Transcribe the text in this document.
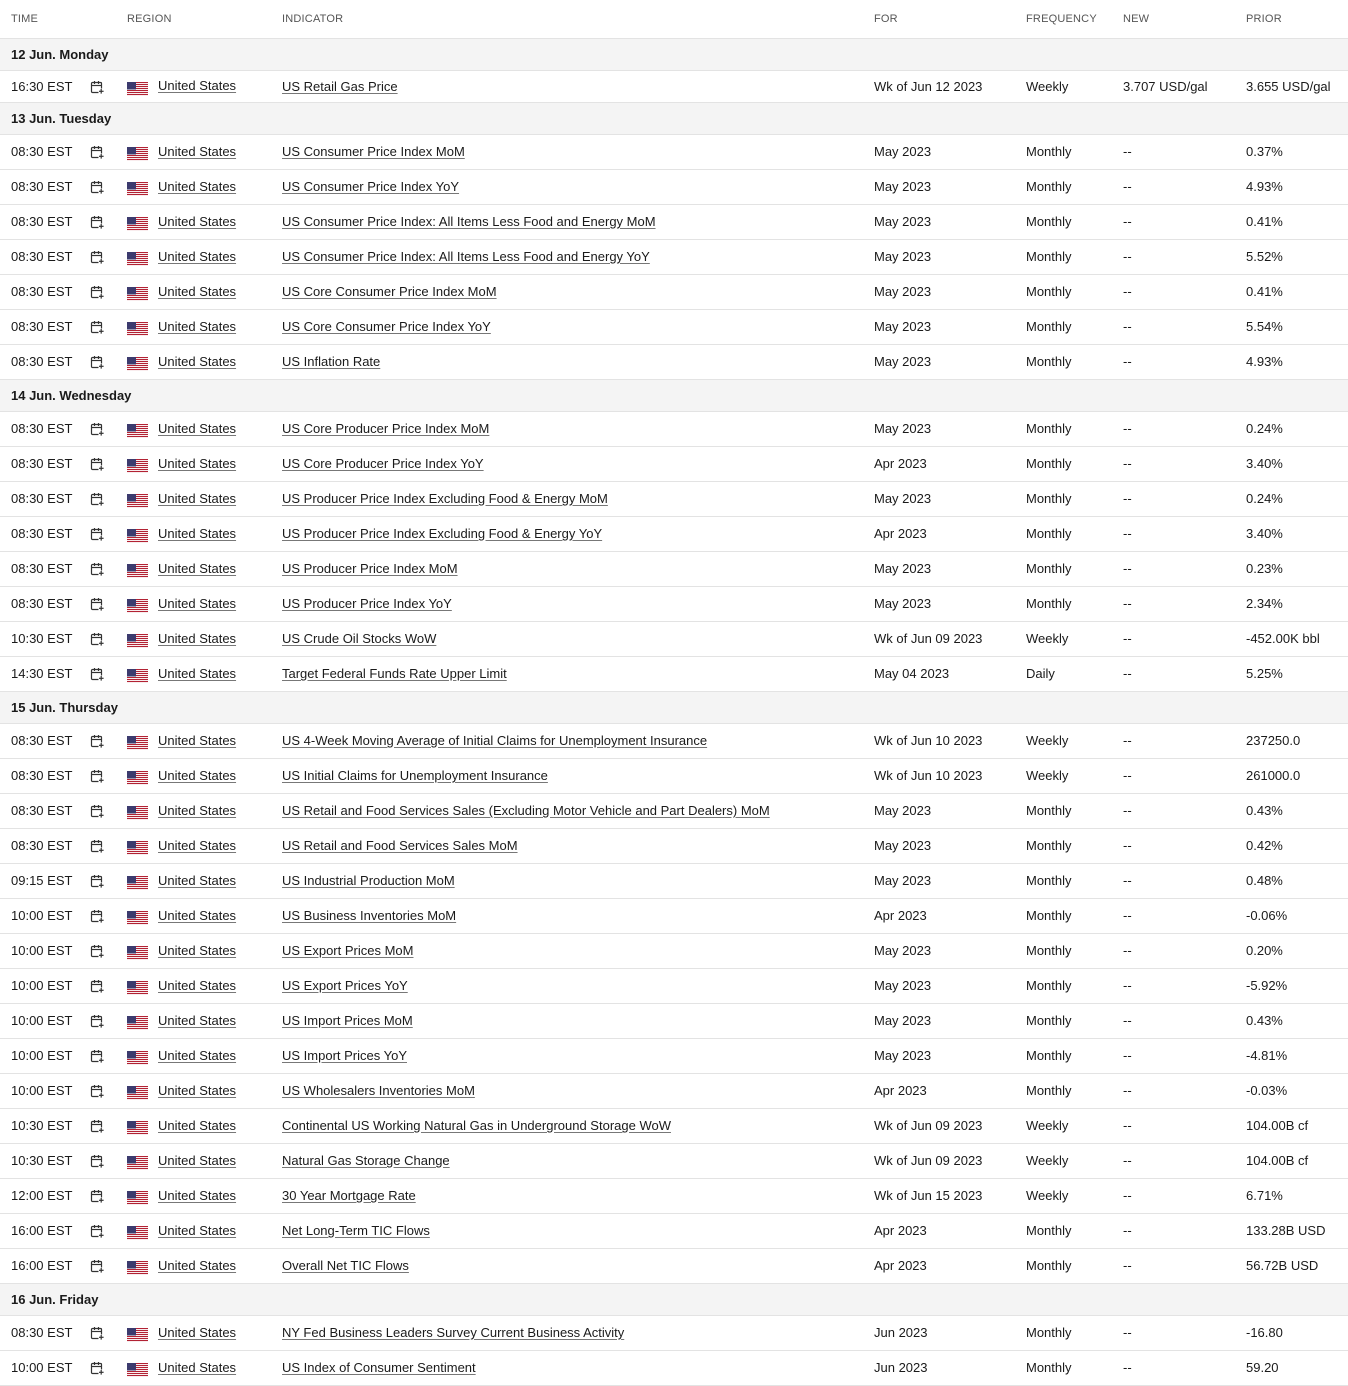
TIME		REGION	INDICATOR	FOR	FREQUENCY	NEW	PRIOR
12 Jun. Monday							
16:30 EST		United States	US Retail Gas Price	Wk of Jun 12 2023	Weekly	3.707 USD/gal	3.655 USD/gal
13 Jun. Tuesday							
08:30 EST		United States	US Consumer Price Index MoM	May 2023	Monthly	--	0.37%
08:30 EST		United States	US Consumer Price Index YoY	May 2023	Monthly	--	4.93%
08:30 EST		United States	US Consumer Price Index: All Items Less Food and Energy MoM	May 2023	Monthly	--	0.41%
08:30 EST		United States	US Consumer Price Index: All Items Less Food and Energy YoY	May 2023	Monthly	--	5.52%
08:30 EST		United States	US Core Consumer Price Index MoM	May 2023	Monthly	--	0.41%
08:30 EST		United States	US Core Consumer Price Index YoY	May 2023	Monthly	--	5.54%
08:30 EST		United States	US Inflation Rate	May 2023	Monthly	--	4.93%
14 Jun. Wednesday							
08:30 EST		United States	US Core Producer Price Index MoM	May 2023	Monthly	--	0.24%
08:30 EST		United States	US Core Producer Price Index YoY	Apr 2023	Monthly	--	3.40%
08:30 EST		United States	US Producer Price Index Excluding Food & Energy MoM	May 2023	Monthly	--	0.24%
08:30 EST		United States	US Producer Price Index Excluding Food & Energy YoY	Apr 2023	Monthly	--	3.40%
08:30 EST		United States	US Producer Price Index MoM	May 2023	Monthly	--	0.23%
08:30 EST		United States	US Producer Price Index YoY	May 2023	Monthly	--	2.34%
10:30 EST		United States	US Crude Oil Stocks WoW	Wk of Jun 09 2023	Weekly	--	-452.00K bbl
14:30 EST		United States	Target Federal Funds Rate Upper Limit	May 04 2023	Daily	--	5.25%
15 Jun. Thursday							
08:30 EST		United States	US 4-Week Moving Average of Initial Claims for Unemployment Insurance	Wk of Jun 10 2023	Weekly	--	237250.0
08:30 EST		United States	US Initial Claims for Unemployment Insurance	Wk of Jun 10 2023	Weekly	--	261000.0
08:30 EST		United States	US Retail and Food Services Sales (Excluding Motor Vehicle and Part Dealers) MoM	May 2023	Monthly	--	0.43%
08:30 EST		United States	US Retail and Food Services Sales MoM	May 2023	Monthly	--	0.42%
09:15 EST		United States	US Industrial Production MoM	May 2023	Monthly	--	0.48%
10:00 EST		United States	US Business Inventories MoM	Apr 2023	Monthly	--	-0.06%
10:00 EST		United States	US Export Prices MoM	May 2023	Monthly	--	0.20%
10:00 EST		United States	US Export Prices YoY	May 2023	Monthly	--	-5.92%
10:00 EST		United States	US Import Prices MoM	May 2023	Monthly	--	0.43%
10:00 EST		United States	US Import Prices YoY	May 2023	Monthly	--	-4.81%
10:00 EST		United States	US Wholesalers Inventories MoM	Apr 2023	Monthly	--	-0.03%
10:30 EST		United States	Continental US Working Natural Gas in Underground Storage WoW	Wk of Jun 09 2023	Weekly	--	104.00B cf
10:30 EST		United States	Natural Gas Storage Change	Wk of Jun 09 2023	Weekly	--	104.00B cf
12:00 EST		United States	30 Year Mortgage Rate	Wk of Jun 15 2023	Weekly	--	6.71%
16:00 EST		United States	Net Long-Term TIC Flows	Apr 2023	Monthly	--	133.28B USD
16:00 EST		United States	Overall Net TIC Flows	Apr 2023	Monthly	--	56.72B USD
16 Jun. Friday							
08:30 EST		United States	NY Fed Business Leaders Survey Current Business Activity	Jun 2023	Monthly	--	-16.80
10:00 EST		United States	US Index of Consumer Sentiment	Jun 2023	Monthly	--	59.20
